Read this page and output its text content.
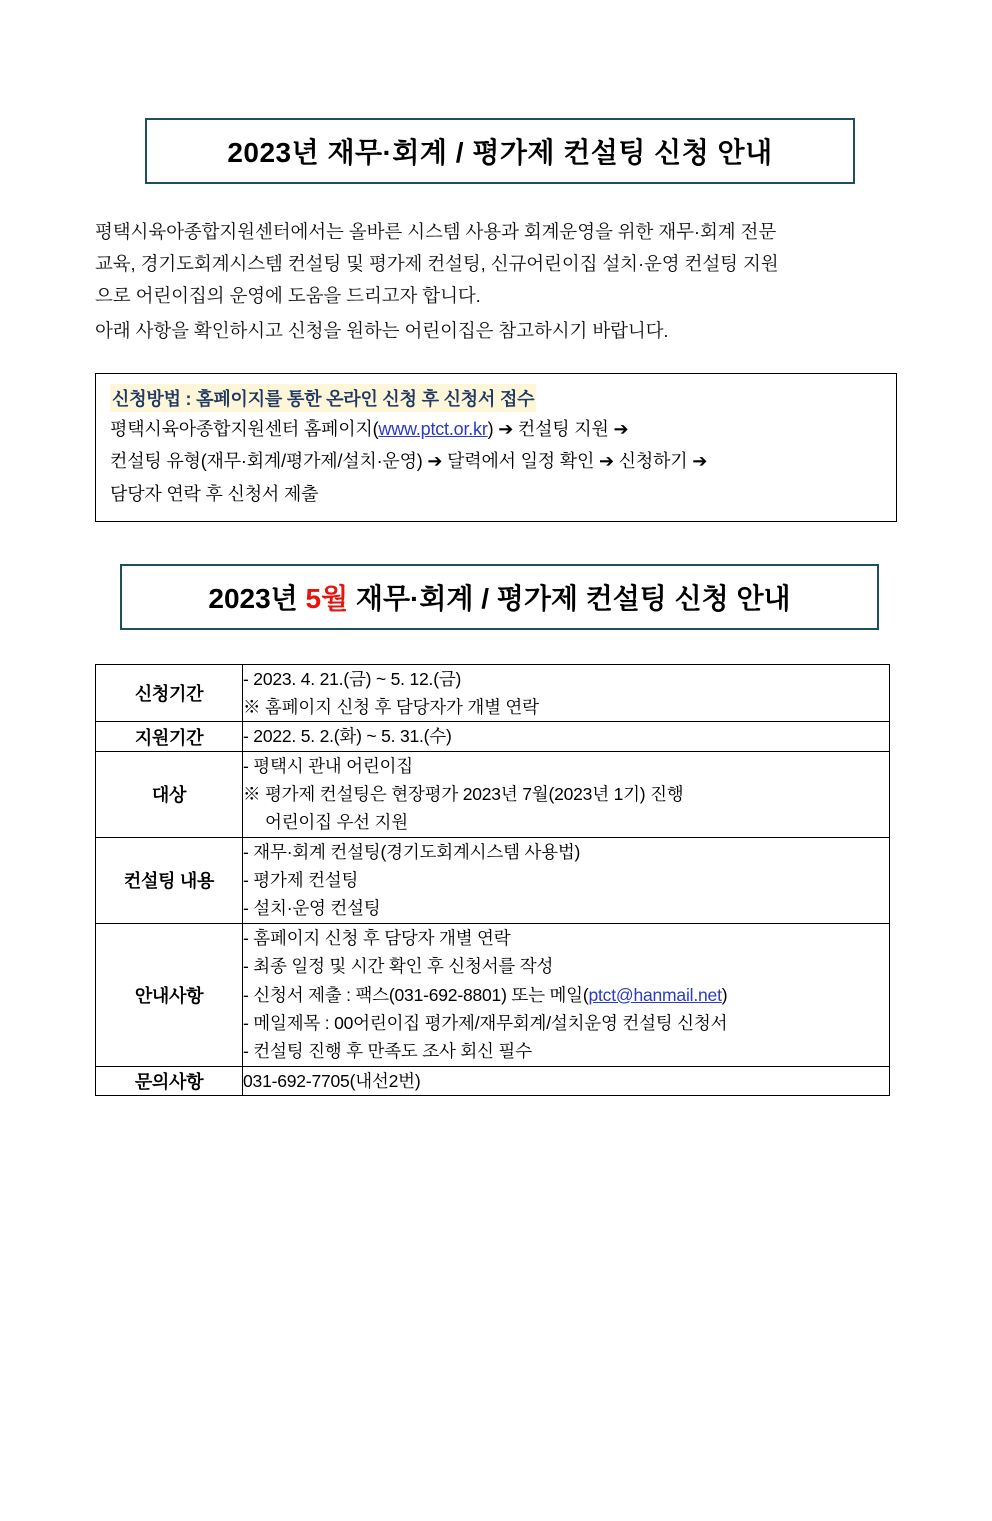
2023년 재무·회계 / 평가제 컨설팅 신청 안내

평택시육아종합지원센터에서는 올바른 시스템 사용과 회계운영을 위한 재무·회계 전문

교육, 경기도회계시스템 컨설팅 및 평가제 컨설팅, 신규어린이집 설치·운영 컨설팅 지원

으로 어린이집의 운영에 도움을 드리고자 합니다.

아래 사항을 확인하시고 신청을 원하는 어린이집은 참고하시기 바랍니다.

신청방법 : 홈페이지를 통한 온라인 신청 후 신청서 접수
평택시육아종합지원센터 홈페이지(www.ptct.or.kr) ➔ 컨설팅 지원 ➔
컨설팅 유형(재무·회계/평가제/설치·운영) ➔ 달력에서 일정 확인 ➔ 신청하기 ➔
담당자 연락 후 신청서 제출
2023년 5월 재무·회계 / 평가제 컨설팅 신청 안내
신청기간	- 2023. 4. 21.(금) ~ 5. 12.(금)
※ 홈페이지 신청 후 담당자가 개별 연락

지원기간	- 2022. 5. 2.(화) ~ 5. 31.(수)

대상	- 평택시 관내 어린이집
※ 평가제 컨설팅은 현장평가 2023년 7월(2023년 1기) 진행
어린이집 우선 지원

컨설팅 내용	- 재무·회계 컨설팅(경기도회계시스템 사용법)
- 평가제 컨설팅
- 설치·운영 컨설팅

안내사항	- 홈페이지 신청 후 담당자 개별 연락
- 최종 일정 및 시간 확인 후 신청서를 작성
- 신청서 제출 : 팩스(031-692-8801) 또는 메일(ptct@hanmail.net)
- 메일제목 : 00어린이집 평가제/재무회계/설치운영 컨설팅 신청서
- 컨설팅 진행 후 만족도 조사 회신 필수

문의사항	031-692-7705(내선2번)
